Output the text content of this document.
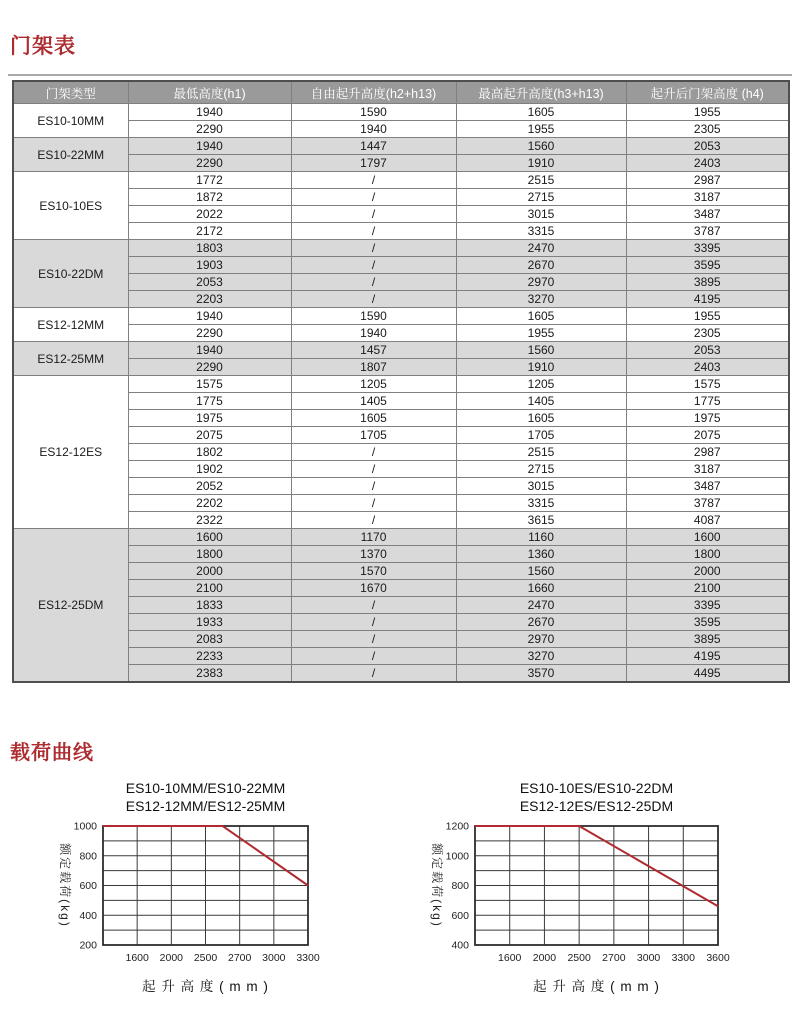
门架表
门架类型	最低高度(h1)	自由起升高度(h2+h13)	最高起升高度(h3+h13)	起升后门架高度 (h4)
ES10-10MM	1940	1590	1605	1955
	2290	1940	1955	2305
ES10-22MM	1940	1447	1560	2053
	2290	1797	1910	2403
ES10-10ES	1772	/	2515	2987
	1872	/	2715	3187
	2022	/	3015	3487
	2172	/	3315	3787
ES10-22DM	1803	/	2470	3395
	1903	/	2670	3595
	2053	/	2970	3895
	2203	/	3270	4195
ES12-12MM	1940	1590	1605	1955
	2290	1940	1955	2305
ES12-25MM	1940	1457	1560	2053
	2290	1807	1910	2403
ES12-12ES	1575	1205	1205	1575
	1775	1405	1405	1775
	1975	1605	1605	1975
	2075	1705	1705	2075
	1802	/	2515	2987
	1902	/	2715	3187
	2052	/	3015	3487
	2202	/	3315	3787
	2322	/	3615	4087
ES12-25DM	1600	1170	1160	1600
	1800	1370	1360	1800
	2000	1570	1560	2000
	2100	1670	1660	2100
	1833	/	2470	3395
	1933	/	2670	3595
	2083	/	2970	3895
	2233	/	3270	4195
	2383	/	3570	4495
载荷曲线
ES10-10MM/ES10-22MM
ES12-12MM/ES12-25MM
1000
800
600
400
200
1600 2000 2500 2700 3000 3300
额定载荷(kg)
起 升 高 度 ( m m )
ES10-10ES/ES10-22DM
ES12-12ES/ES12-25DM
1200
1000
800
600
400
1600 2000 2500 2700 3000 3300 3600
额定载荷(kg)
起 升 高 度 ( m m )
